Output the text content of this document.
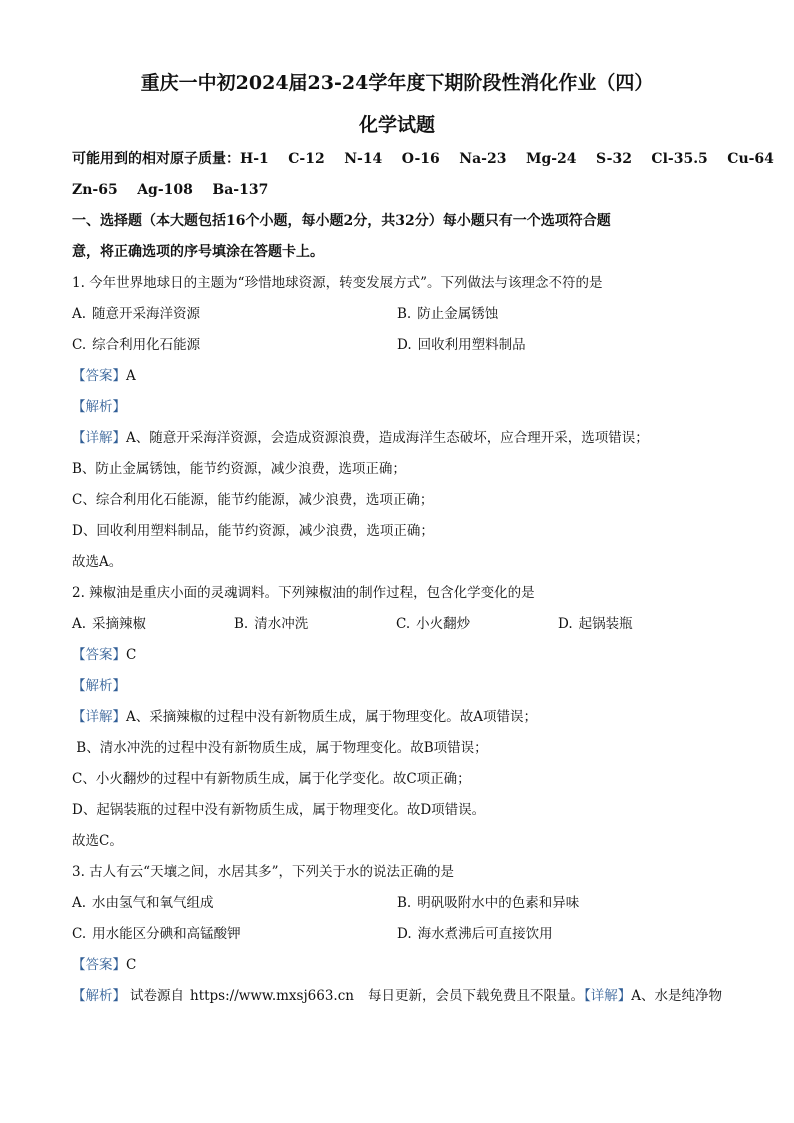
重庆一中初2024届23-24学年度下期阶段性消化作业（四）
化学试题
可能用到的相对原子质量：H-1    C-12    N-14    O-16    Na-23    Mg-24    S-32    Cl-35.5    Cu-64
Zn-65    Ag-108    Ba-137
一、选择题（本大题包括16个小题，每小题2分，共32分）每小题只有一个选项符合题
意，将正确选项的序号填涂在答题卡上。
1. 今年世界地球日的主题为“珍惜地球资源，转变发展方式”。下列做法与该理念不符的是
A. 随意开采海洋资源	B. 防止金属锈蚀
C. 综合利用化石能源	D. 回收利用塑料制品
【答案】A
【解析】
【详解】A、随意开采海洋资源，会造成资源浪费，造成海洋生态破坏，应合理开采，选项错误；
B、防止金属锈蚀，能节约资源，减少浪费，选项正确；
C、综合利用化石能源，能节约能源，减少浪费，选项正确；
D、回收利用塑料制品，能节约资源，减少浪费，选项正确；
故选A。
2. 辣椒油是重庆小面的灵魂调料。下列辣椒油的制作过程，包含化学变化的是
A. 采摘辣椒	B. 清水冲洗	C. 小火翻炒	D. 起锅装瓶
【答案】C
【解析】
【详解】A、采摘辣椒的过程中没有新物质生成，属于物理变化。故A项错误；
B、清水冲洗的过程中没有新物质生成，属于物理变化。故B项错误；
C、小火翻炒的过程中有新物质生成，属于化学变化。故C项正确；
D、起锅装瓶的过程中没有新物质生成，属于物理变化。故D项错误。
故选C。
3. 古人有云“天壤之间，水居其多”，下列关于水的说法正确的是
A. 水由氢气和氧气组成	B. 明矾吸附水中的色素和异味
C. 用水能区分碘和高锰酸钾	D. 海水煮沸后可直接饮用
【答案】C
【解析】 试卷源自 https://www.mxsj663.cn 每日更新，会员下载免费且不限量。【详解】A、水是纯净物
